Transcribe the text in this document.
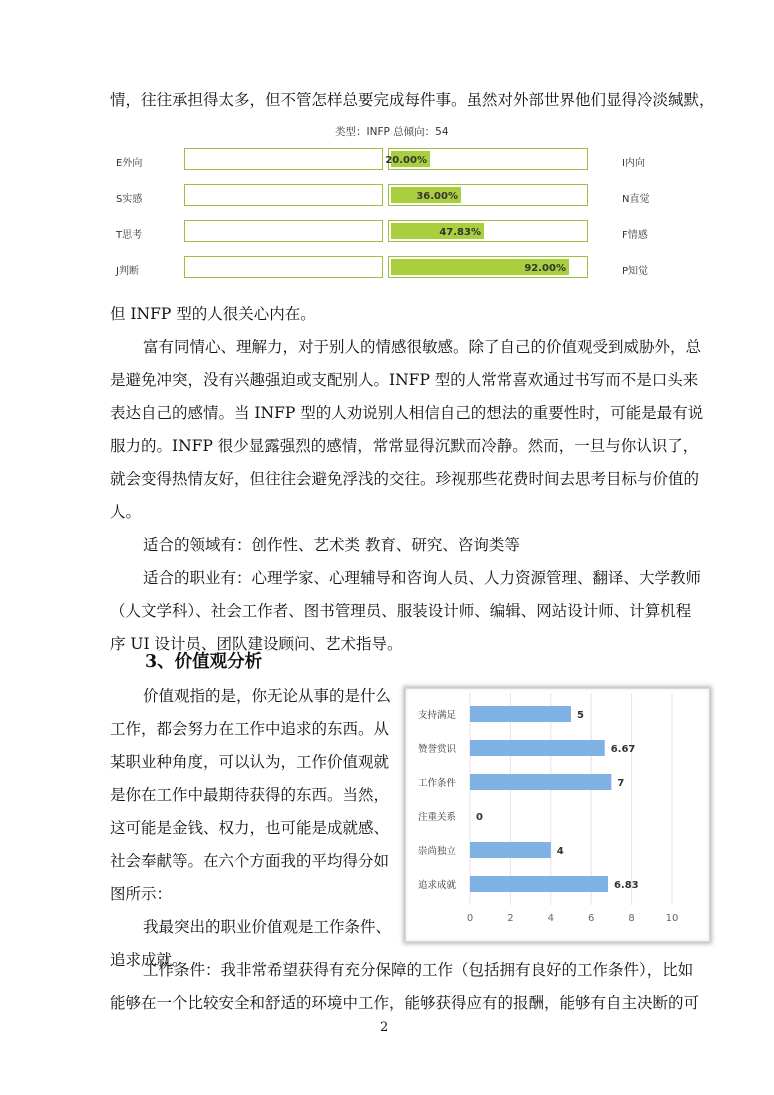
情，往往承担得太多，但不管怎样总要完成每件事。虽然对外部世界他们显得冷淡缄默，

类型：INFP 总倾向：54
E外向	20.00%	I内向
S实感	36.00%	N直觉
T思考	47.83%	F情感
J判断	92.00%	P知觉

但 INFP 型的人很关心内在。

富有同情心、理解力，对于别人的情感很敏感。除了自己的价值观受到威胁外，总

是避免冲突，没有兴趣强迫或支配别人。INFP 型的人常常喜欢通过书写而不是口头来

表达自己的感情。当 INFP 型的人劝说别人相信自己的想法的重要性时，可能是最有说

服力的。INFP 很少显露强烈的感情，常常显得沉默而冷静。然而，一旦与你认识了，

就会变得热情友好，但往往会避免浮浅的交往。珍视那些花费时间去思考目标与价值的

人。

适合的领域有：创作性、艺术类 教育、研究、咨询类等

适合的职业有：心理学家、心理辅导和咨询人员、人力资源管理、翻译、大学教师

（人文学科）、社会工作者、图书管理员、服装设计师、编辑、网站设计师、计算机程

序 UI 设计员、团队建设顾问、艺术指导。

3、价值观分析

价值观指的是，你无论从事的是什么

工作，都会努力在工作中追求的东西。从

某职业种角度，可以认为，工作价值观就

是你在工作中最期待获得的东西。当然，

这可能是金钱、权力，也可能是成就感、

社会奉献等。在六个方面我的平均得分如

图所示：

我最突出的职业价值观是工作条件、

追求成就。

0	2	4	6	8	10
支持满足	5
赞誉赏识	6.67
工作条件	7
注重关系 0
崇尚独立	4
追求成就	6.83

工作条件：我非常希望获得有充分保障的工作（包括拥有良好的工作条件），比如

能够在一个比较安全和舒适的环境中工作，能够获得应有的报酬，能够有自主决断的可

2
